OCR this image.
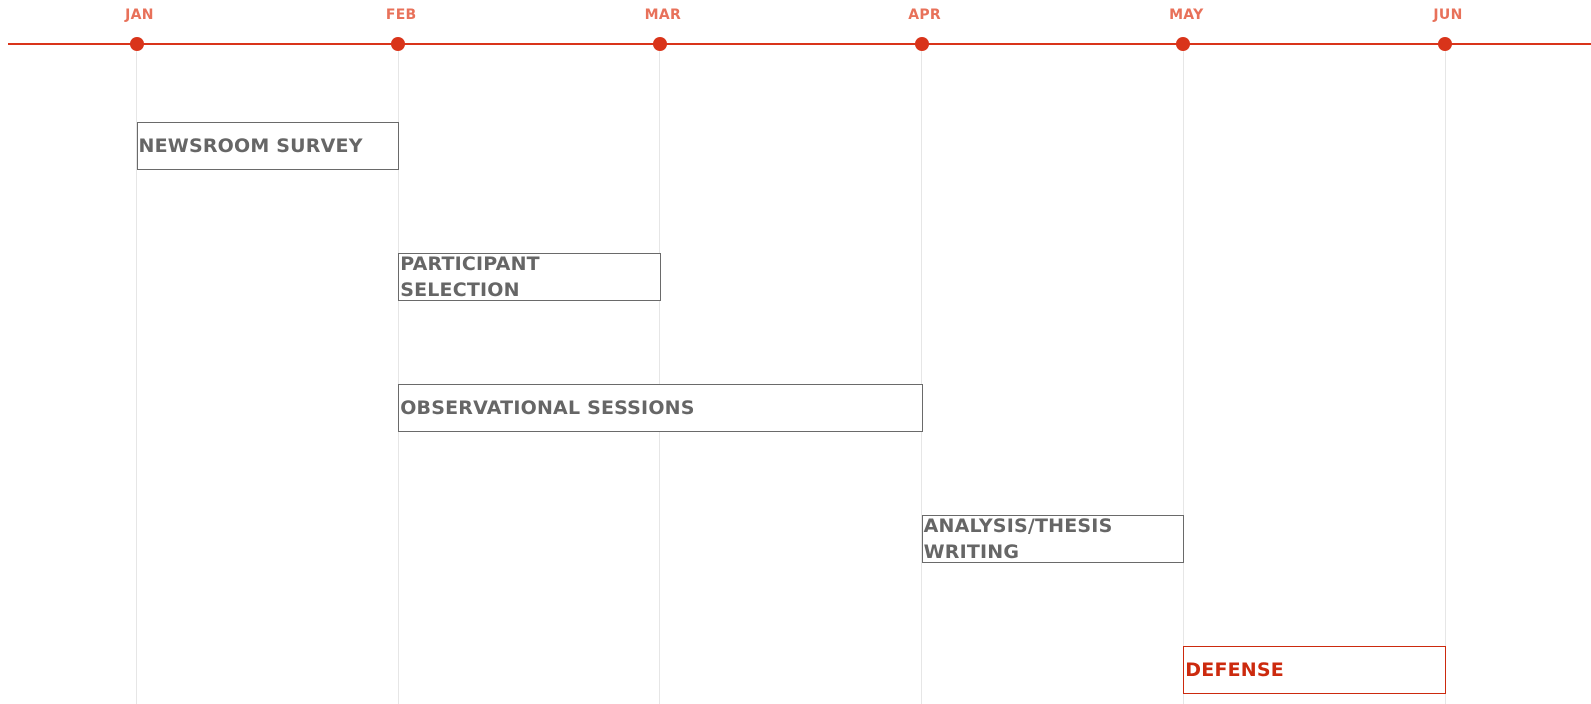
JAN	FEB	MAR	APR	MAY	JUN
NEWSROOM SURVEY
PARTICIPANT SELECTION
OBSERVATIONAL SESSIONS
ANALYSIS/THESIS WRITING
DEFENSE
